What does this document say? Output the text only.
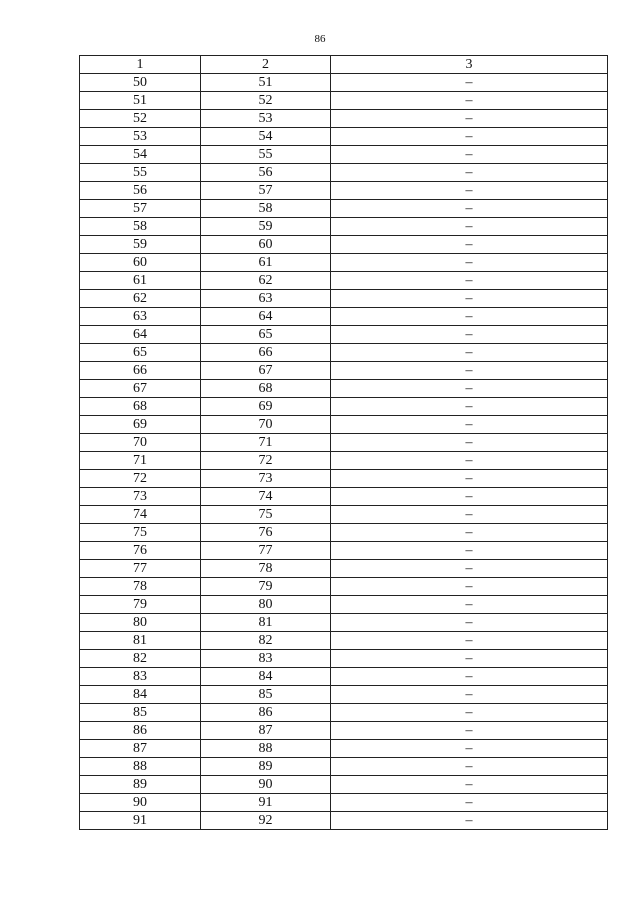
86
1	2	3
50	51	–
51	52	–
52	53	–
53	54	–
54	55	–
55	56	–
56	57	–
57	58	–
58	59	–
59	60	–
60	61	–
61	62	–
62	63	–
63	64	–
64	65	–
65	66	–
66	67	–
67	68	–
68	69	–
69	70	–
70	71	–
71	72	–
72	73	–
73	74	–
74	75	–
75	76	–
76	77	–
77	78	–
78	79	–
79	80	–
80	81	–
81	82	–
82	83	–
83	84	–
84	85	–
85	86	–
86	87	–
87	88	–
88	89	–
89	90	–
90	91	–
91	92	–
